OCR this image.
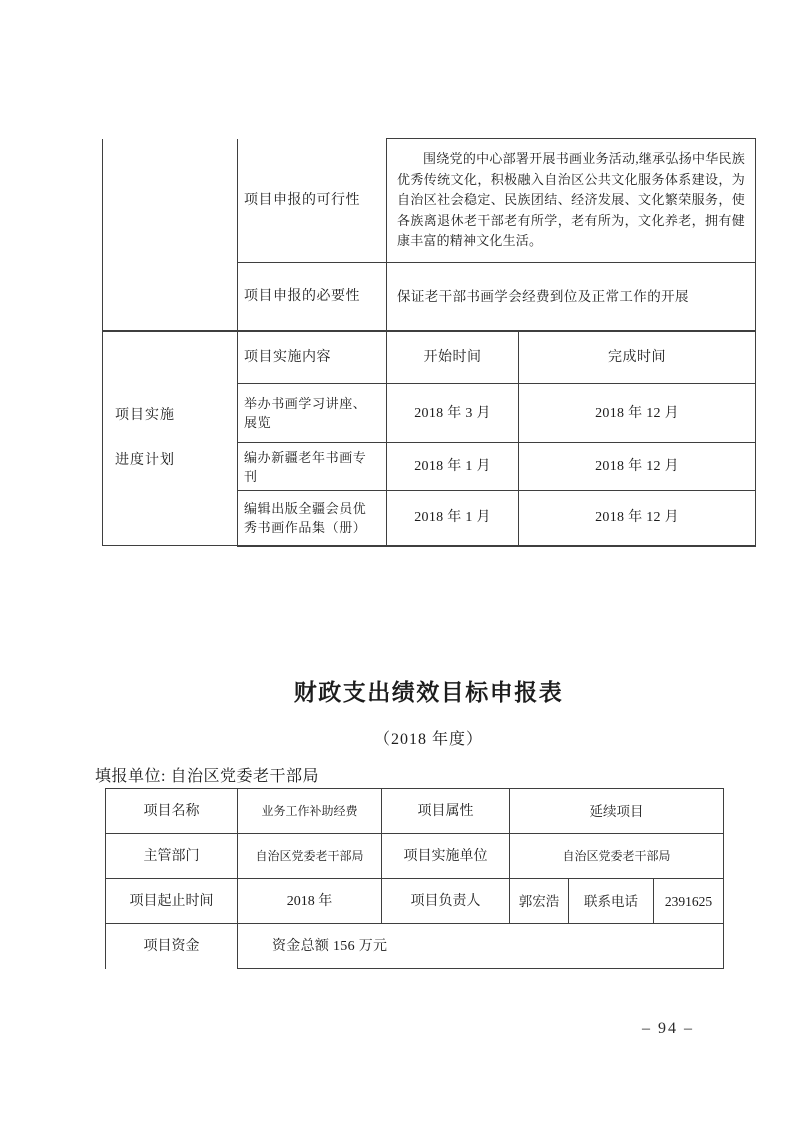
	项目申报的可行性	围绕党的中心部署开展书画业务活动,继承弘扬中华民族优秀传统文化，积极融入自治区公共文化服务体系建设，为自治区社会稳定、民族团结、经济发展、文化繁荣服务，使各族离退休老干部老有所学，老有所为，文化养老，拥有健康丰富的精神文化生活。	
	项目申报的必要性	保证老干部书画学会经费到位及正常工作的开展	

项目实施
进度计划	项目实施内容	开始时间	完成时间
	举办书画学习讲座、展览	2018 年 3 月	2018 年 12 月
	编办新疆老年书画专刊	2018 年 1 月	2018 年 12 月
	编辑出版全疆会员优秀书画作品集（册）	2018 年 1 月	2018 年 12 月
财政支出绩效目标申报表
（2018 年度）
填报单位: 自治区党委老干部局
项目名称	业务工作补助经费	项目属性	延续项目		
主管部门	自治区党委老干部局	项目实施单位	自治区党委老干部局		
项目起止时间	2018 年	项目负责人	郭宏浩	联系电话	2391625
项目资金	资金总额 156 万元				
– 94 –
